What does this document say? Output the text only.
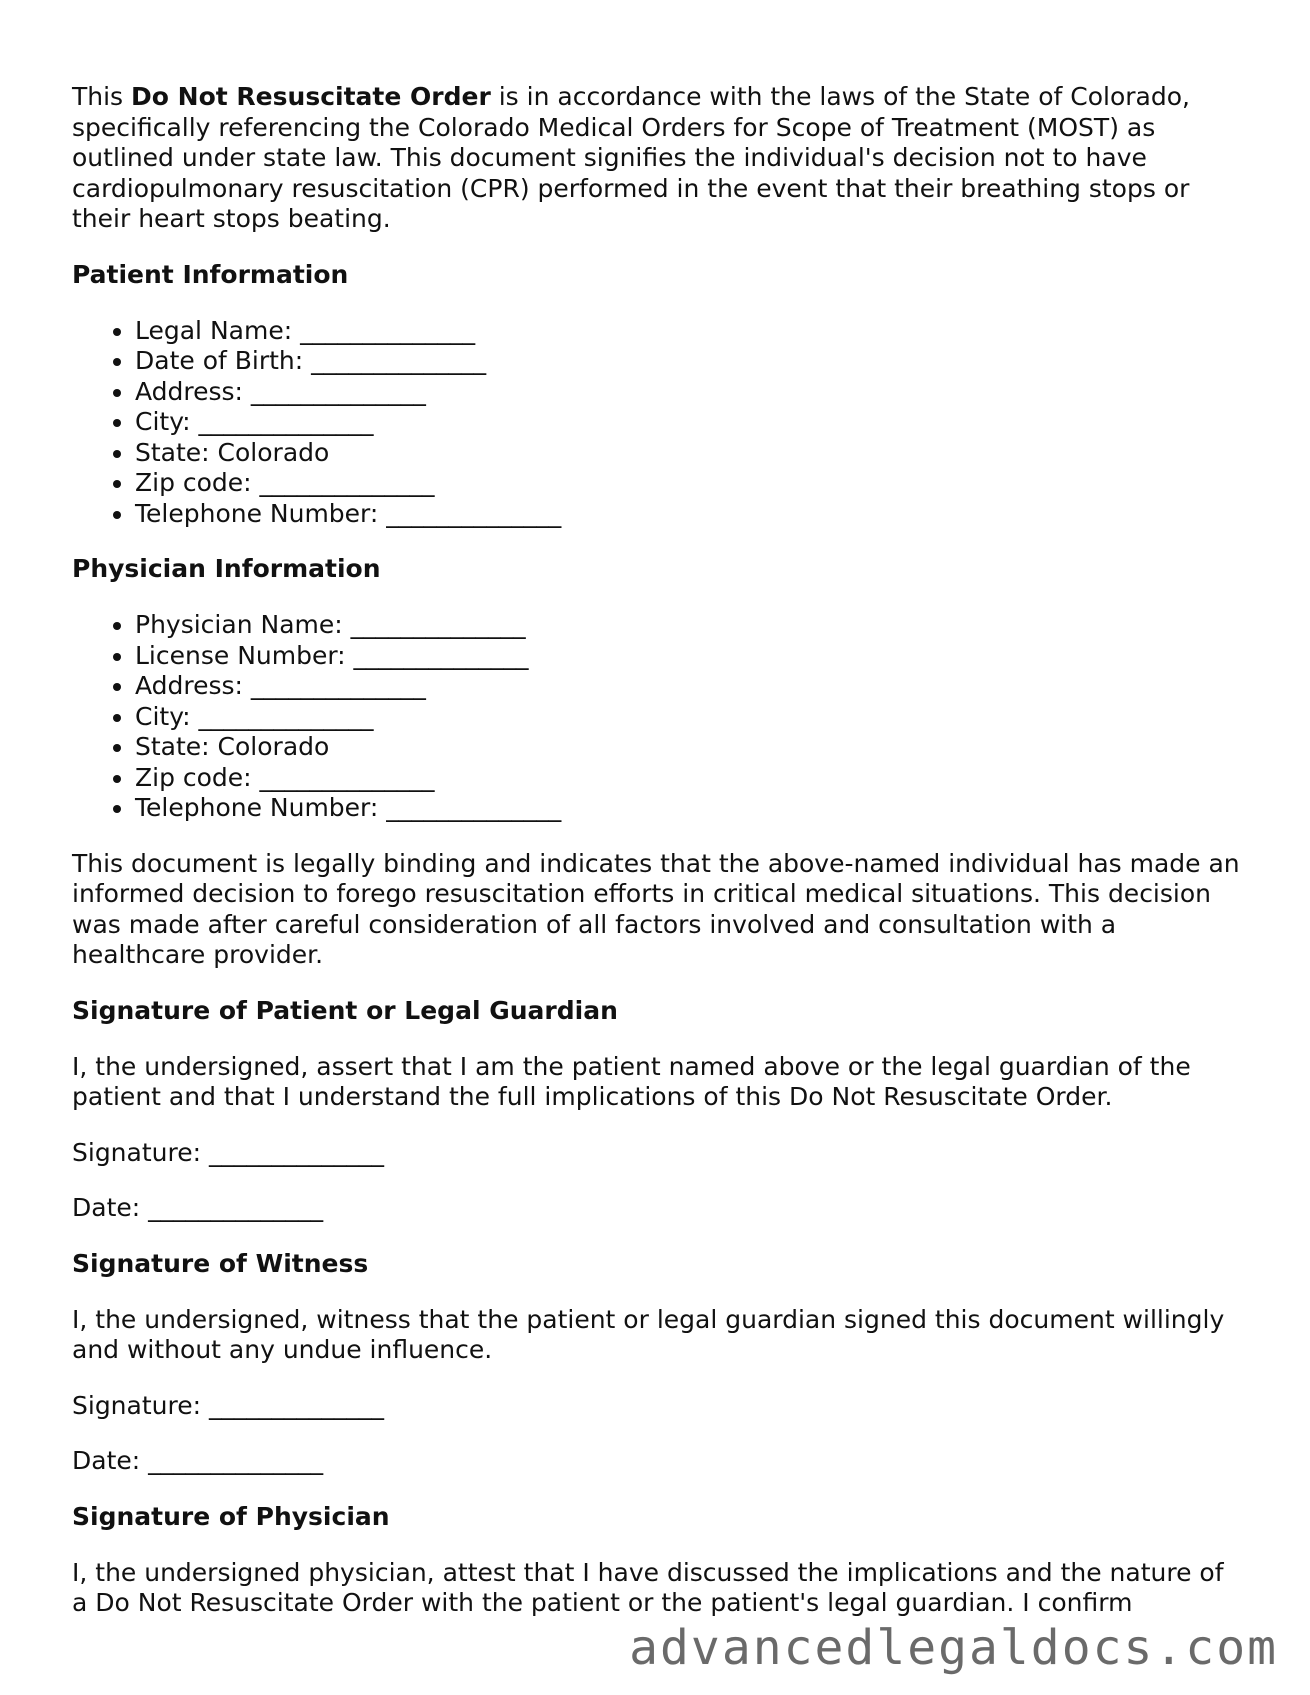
This Do Not Resuscitate Order is in accordance with the laws of the State of Colorado, specifically referencing the Colorado Medical Orders for Scope of Treatment (MOST) as outlined under state law. This document signifies the individual's decision not to have cardiopulmonary resuscitation (CPR) performed in the event that their breathing stops or their heart stops beating.

Patient Information
• Legal Name: ______________
• Date of Birth: ______________
• Address: ______________
• City: ______________
• State: Colorado
• Zip code: ______________
• Telephone Number: ______________
Physician Information
• Physician Name: ______________
• License Number: ______________
• Address: ______________
• City: ______________
• State: Colorado
• Zip code: ______________
• Telephone Number: ______________

This document is legally binding and indicates that the above-named individual has made an informed decision to forego resuscitation efforts in critical medical situations. This decision was made after careful consideration of all factors involved and consultation with a healthcare provider.

Signature of Patient or Legal Guardian

I, the undersigned, assert that I am the patient named above or the legal guardian of the patient and that I understand the full implications of this Do Not Resuscitate Order.

Signature: ______________

Date: ______________

Signature of Witness

I, the undersigned, witness that the patient or legal guardian signed this document willingly and without any undue influence.

Signature: ______________

Date: ______________

Signature of Physician

I, the undersigned physician, attest that I have discussed the implications and the nature of a Do Not Resuscitate Order with the patient or the patient's legal guardian. I confirm

advancedlegaldocs.com
